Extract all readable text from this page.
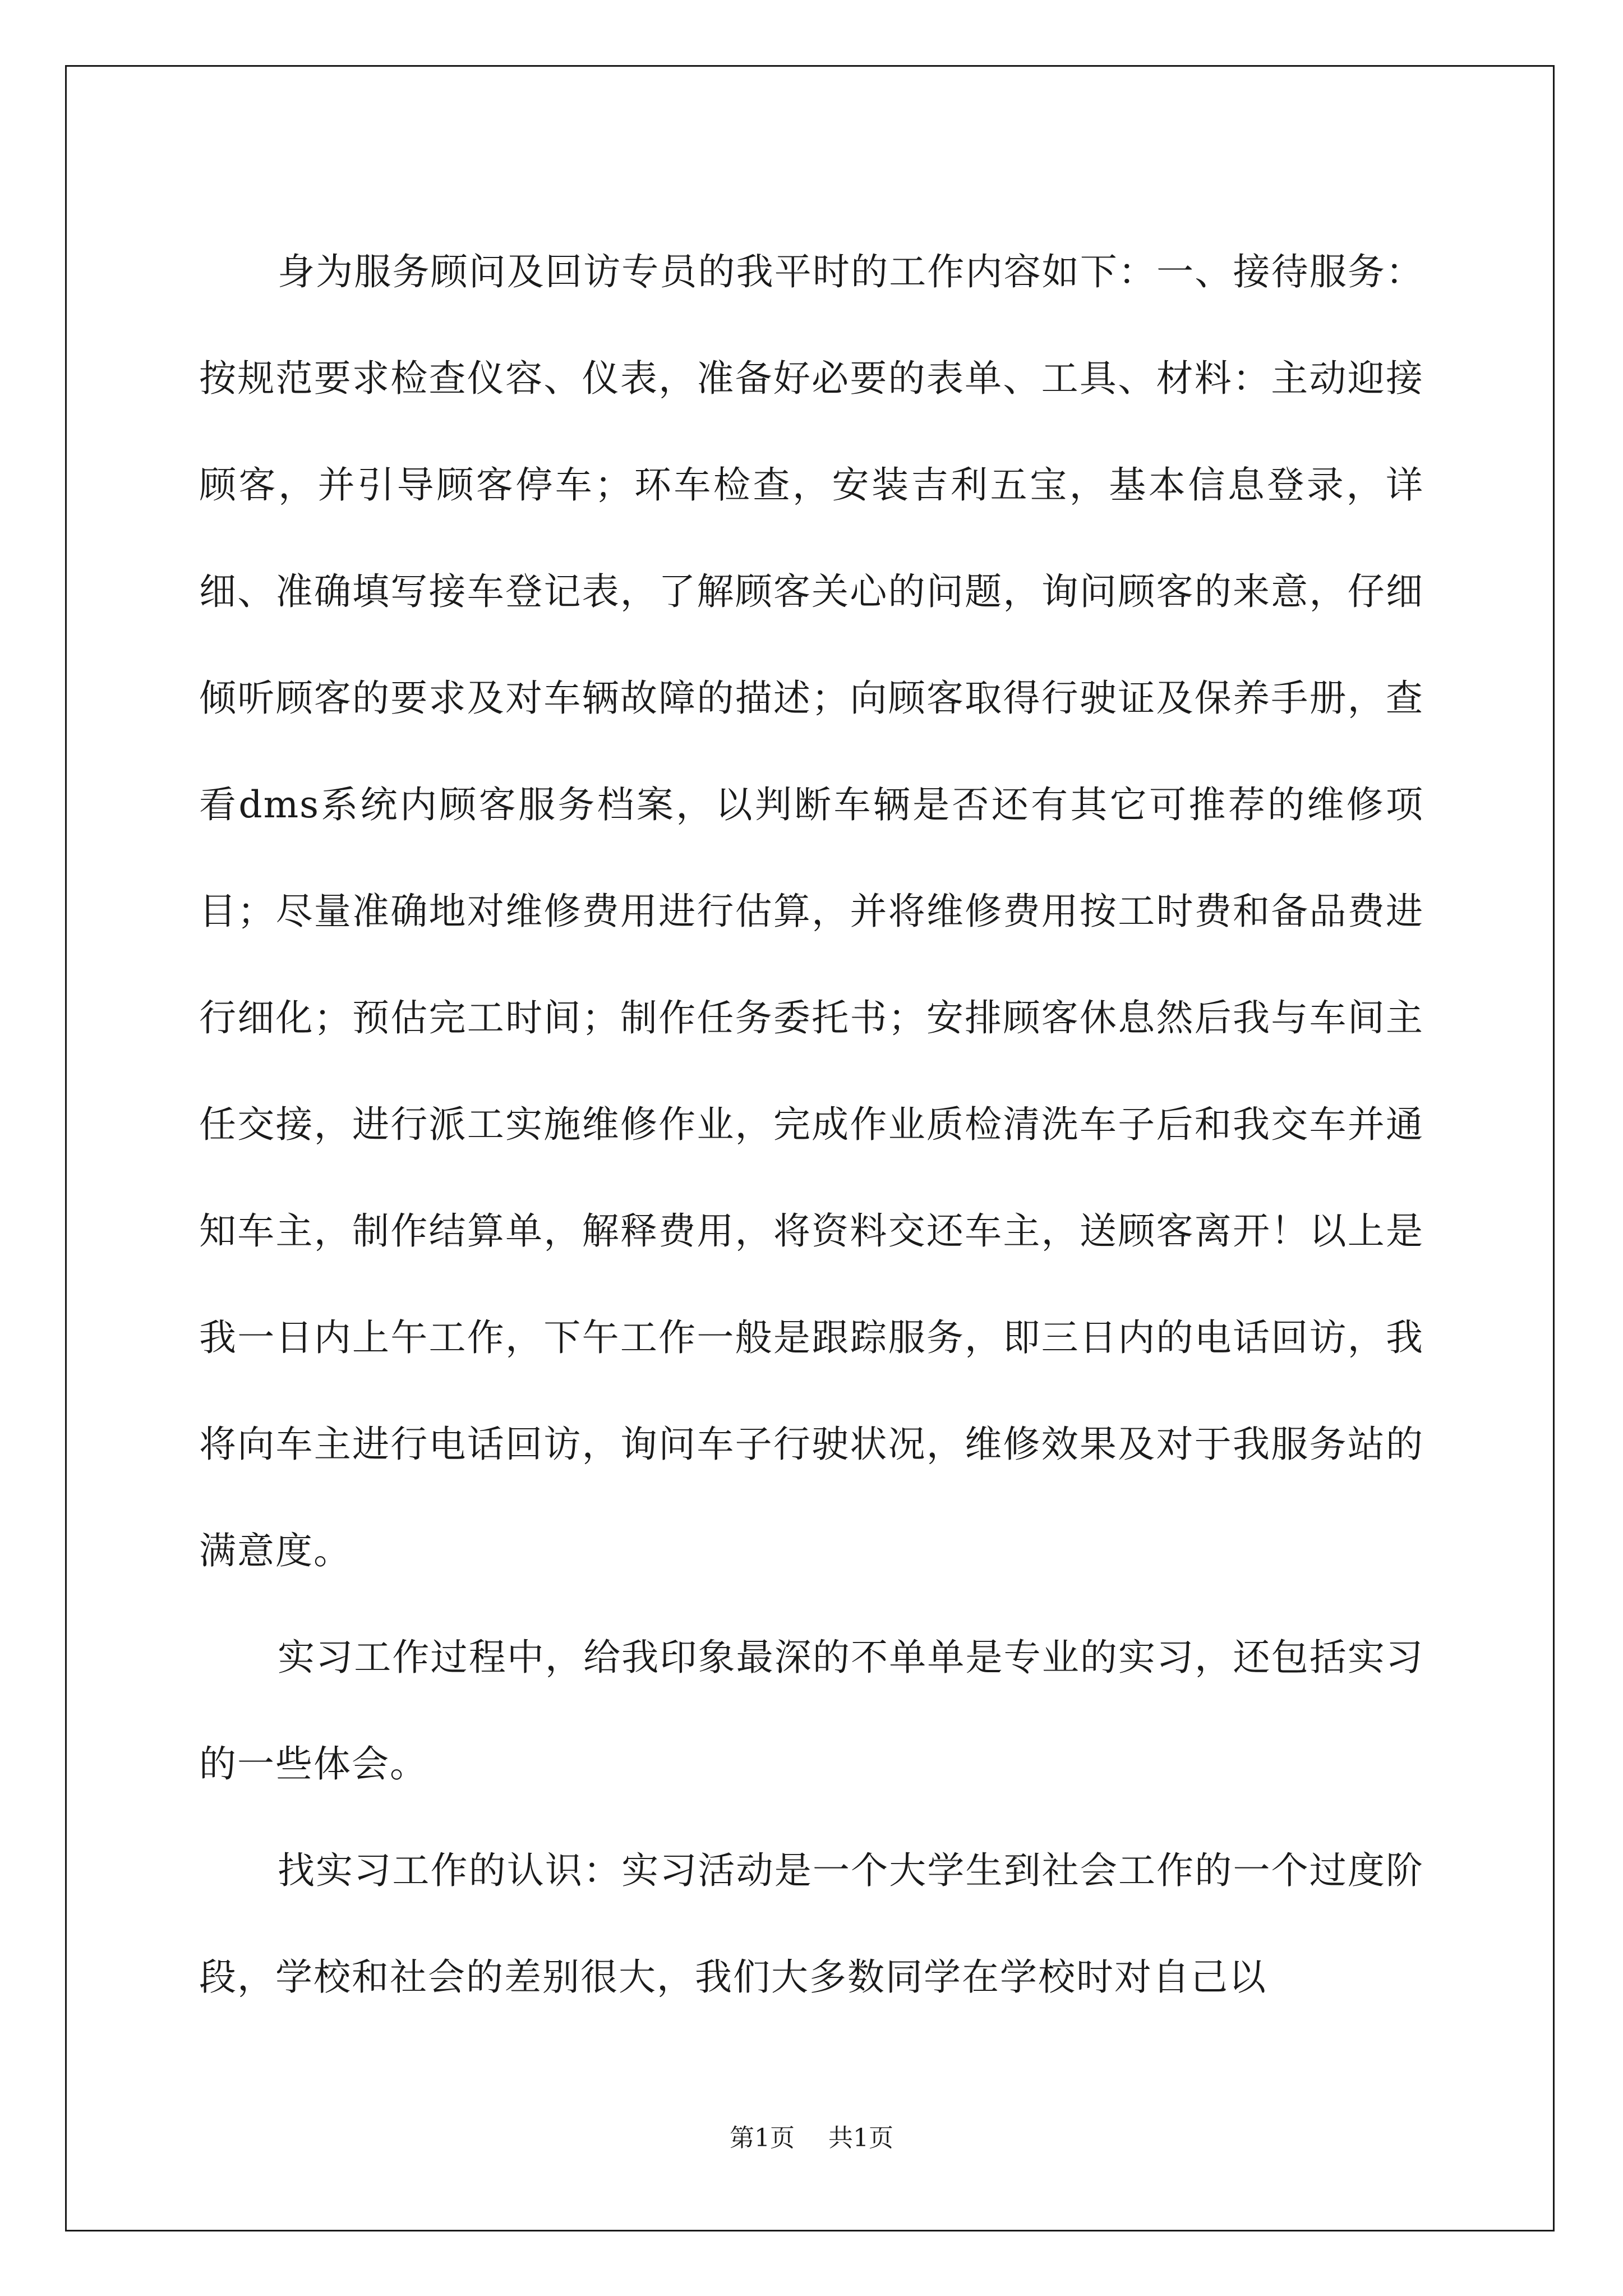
身为服务顾问及回访专员的我平时的工作内容如下：一、接待服务：按规范要求检查仪容、仪表，准备好必要的表单、工具、材料：主动迎接顾客，并引导顾客停车；环车检查，安装吉利五宝，基本信息登录，详细、准确填写接车登记表，了解顾客关心的问题，询问顾客的来意，仔细倾听顾客的要求及对车辆故障的描述；向顾客取得行驶证及保养手册，查看dms系统内顾客服务档案，以判断车辆是否还有其它可推荐的维修项目；尽量准确地对维修费用进行估算，并将维修费用按工时费和备品费进行细化；预估完工时间；制作任务委托书；安排顾客休息然后我与车间主任交接，进行派工实施维修作业，完成作业质检清洗车子后和我交车并通知车主，制作结算单，解释费用，将资料交还车主，送顾客离开！以上是我一日内上午工作，下午工作一般是跟踪服务，即三日内的电话回访，我将向车主进行电话回访，询问车子行驶状况，维修效果及对于我服务站的满意度。

实习工作过程中，给我印象最深的不单单是专业的实习，还包括实习的一些体会。

找实习工作的认识：实习活动是一个大学生到社会工作的一个过度阶段，学校和社会的差别很大，我们大多数同学在学校时对自己以

第1页 共1页
